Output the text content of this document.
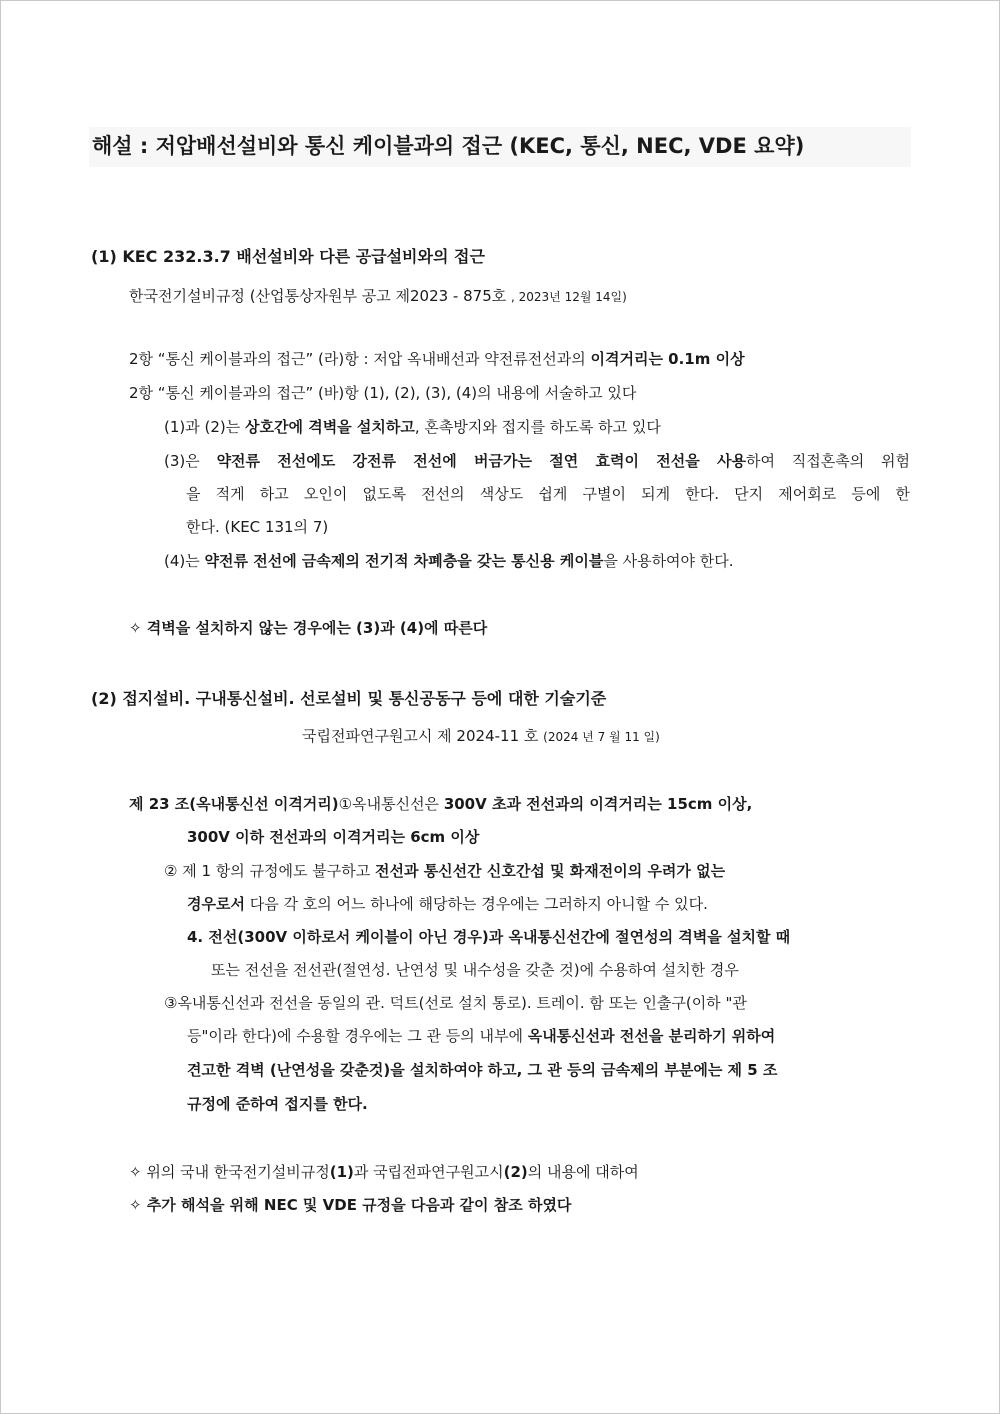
해설 : 저압배선설비와 통신 케이블과의 접근 (KEC, 통신, NEC, VDE 요약)
(1) KEC 232.3.7 배선설비와 다른 공급설비와의 접근
한국전기설비규정 (산업통상자원부 공고 제2023 - 875호 , 2023년 12월 14일)
2항 “통신 케이블과의 접근” (라)항 : 저압 옥내배선과 약전류전선과의 이격거리는 0.1m 이상
2항 “통신 케이블과의 접근” (바)항 (1), (2), (3), (4)의 내용에 서술하고 있다
(1)과 (2)는 상호간에 격벽을 설치하고, 혼촉방지와 접지를 하도록 하고 있다
(3)은 약전류 전선에도 강전류 전선에 버금가는 절연 효력이 전선을 사용하여 직접혼촉의 위험
을 적게 하고 오인이 없도록 전선의 색상도 쉽게 구별이 되게 한다. 단지 제어회로 등에 한
한다. (KEC 131의 7)
(4)는 약전류 전선에 금속제의 전기적 차폐층을 갖는 통신용 케이블을 사용하여야 한다.
✧ 격벽을 설치하지 않는 경우에는 (3)과 (4)에 따른다
(2) 접지설비. 구내통신설비. 선로설비 및 통신공동구 등에 대한 기술기준
국립전파연구원고시 제 2024-11 호 (2024 년 7 월 11 일)
제 23 조(옥내통신선 이격거리)①옥내통신선은 300V 초과 전선과의 이격거리는 15cm 이상,
300V 이하 전선과의 이격거리는 6cm 이상
② 제 1 항의 규정에도 불구하고 전선과 통신선간 신호간섭 및 화재전이의 우려가 없는
경우로서 다음 각 호의 어느 하나에 해당하는 경우에는 그러하지 아니할 수 있다.
4. 전선(300V 이하로서 케이블이 아닌 경우)과 옥내통신선간에 절연성의 격벽을 설치할 때
또는 전선을 전선관(절연성. 난연성 및 내수성을 갖춘 것)에 수용하여 설치한 경우
③옥내통신선과 전선을 동일의 관. 덕트(선로 설치 통로). 트레이. 함 또는 인출구(이하 "관
등"이라 한다)에 수용할 경우에는 그 관 등의 내부에 옥내통신선과 전선을 분리하기 위하여
견고한 격벽 (난연성을 갖춘것)을 설치하여야 하고, 그 관 등의 금속제의 부분에는 제 5 조
규정에 준하여 접지를 한다.
✧ 위의 국내 한국전기설비규정(1)과 국립전파연구원고시(2)의 내용에 대하여
✧ 추가 해석을 위해 NEC 및 VDE 규정을 다음과 같이 참조 하였다
